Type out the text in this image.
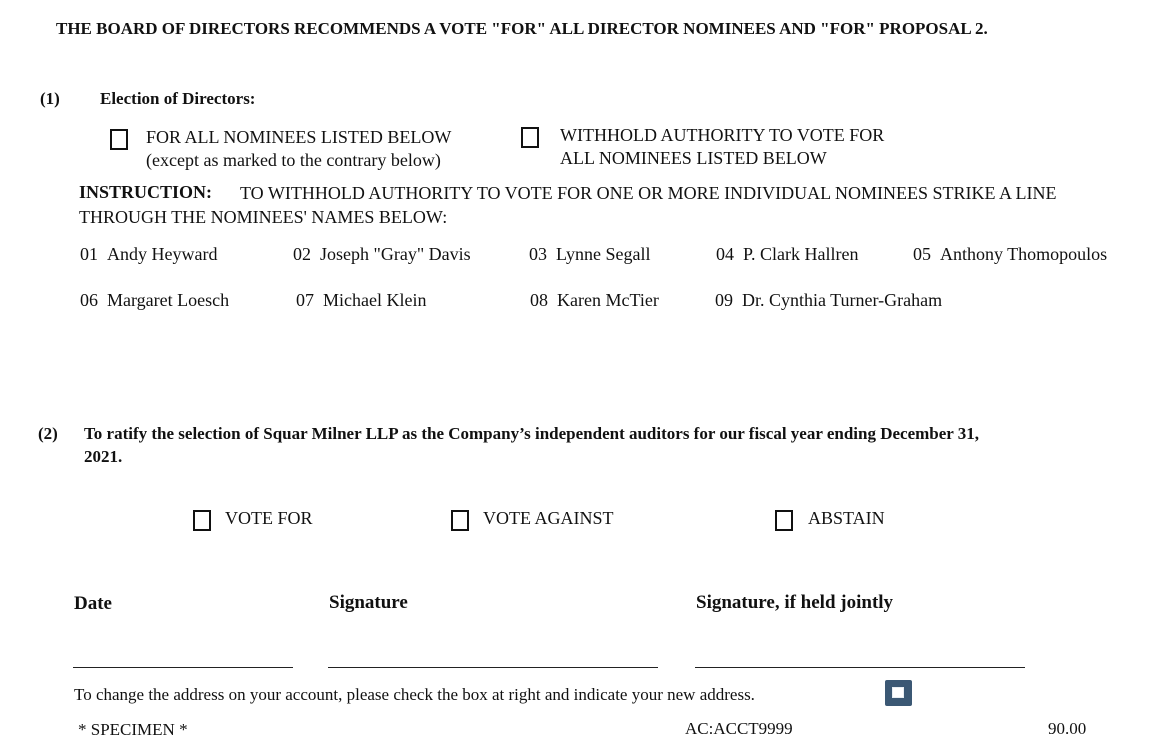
THE BOARD OF DIRECTORS RECOMMENDS A VOTE "FOR" ALL DIRECTOR NOMINEES AND "FOR" PROPOSAL 2.
(1) Election of Directors:
FOR ALL NOMINEES LISTED BELOW
(except as marked to the contrary below)
WITHHOLD AUTHORITY TO VOTE FOR
ALL NOMINEES LISTED BELOW
INSTRUCTION: TO WITHHOLD AUTHORITY TO VOTE FOR ONE OR MORE INDIVIDUAL NOMINEES STRIKE A LINE
THROUGH THE NOMINEES' NAMES BELOW:
01 Andy Heyward	02 Joseph "Gray" Davis	03 Lynne Segall	04 P. Clark Hallren	05 Anthony Thomopoulos
06 Margaret Loesch	07 Michael Klein	08 Karen McTier	09 Dr. Cynthia Turner-Graham
(2) To ratify the selection of Squar Milner LLP as the Company’s independent auditors for our fiscal year ending December 31,
2021.
VOTE FOR	VOTE AGAINST	ABSTAIN
Date	Signature	Signature, if held jointly
To change the address on your account, please check the box at right and indicate your new address.
* SPECIMEN *	AC:ACCT9999	90.00
